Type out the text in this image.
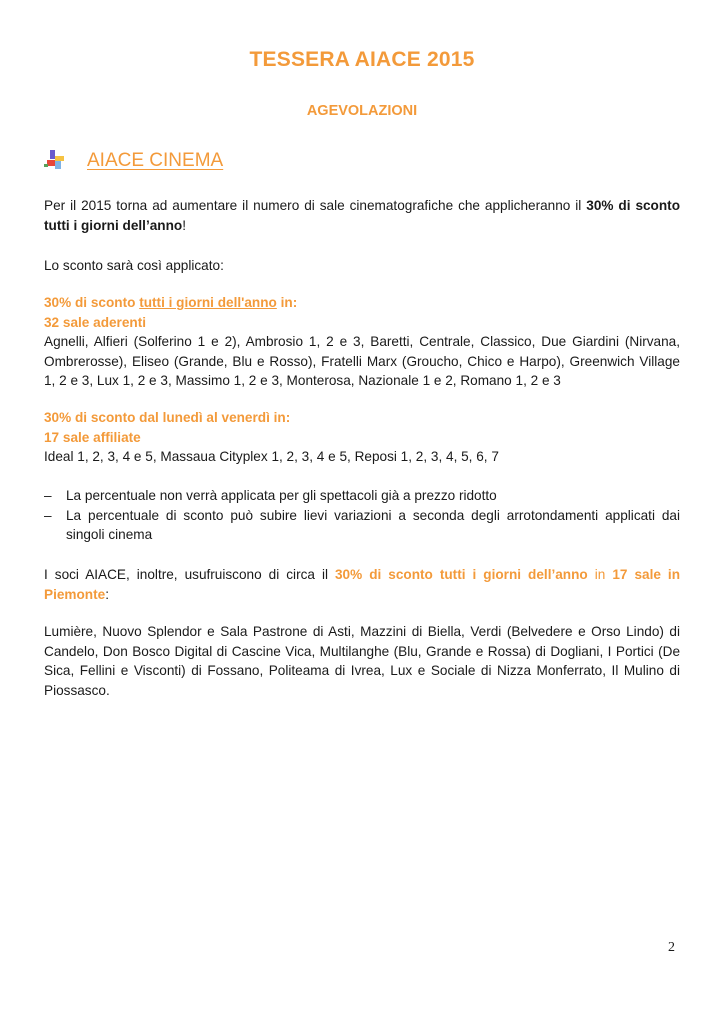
TESSERA AIACE 2015
AGEVOLAZIONI
AIACE CINEMA
Per il 2015 torna ad aumentare il numero di sale cinematografiche che applicheranno il 30% di sconto tutti i giorni dell’anno!
Lo sconto sarà così applicato:
30% di sconto tutti i giorni dell'anno in:
32 sale aderenti
Agnelli, Alfieri (Solferino 1 e 2), Ambrosio 1, 2 e 3, Baretti, Centrale, Classico, Due Giardini (Nirvana, Ombrerosse), Eliseo (Grande, Blu e Rosso), Fratelli Marx (Groucho, Chico e Harpo), Greenwich Village 1, 2 e 3, Lux 1, 2 e 3, Massimo 1, 2 e 3, Monterosa, Nazionale 1 e 2, Romano 1, 2 e 3
30% di sconto dal lunedì al venerdì in:
17 sale affiliate
Ideal 1, 2, 3, 4 e 5, Massaua Cityplex 1, 2, 3, 4 e 5, Reposi 1, 2, 3, 4, 5, 6, 7
– La percentuale non verrà applicata per gli spettacoli già a prezzo ridotto
– La percentuale di sconto può subire lievi variazioni a seconda degli arrotondamenti applicati dai singoli cinema
I soci AIACE, inoltre, usufruiscono di circa il 30% di sconto tutti i giorni dell’anno in 17 sale in Piemonte:
Lumière, Nuovo Splendor e Sala Pastrone di Asti, Mazzini di Biella, Verdi (Belvedere e Orso Lindo) di Candelo, Don Bosco Digital di Cascine Vica, Multilanghe (Blu, Grande e Rossa) di Dogliani, I Portici (De Sica, Fellini e Visconti) di Fossano, Politeama di Ivrea, Lux e Sociale di Nizza Monferrato, Il Mulino di Piossasco.
2
